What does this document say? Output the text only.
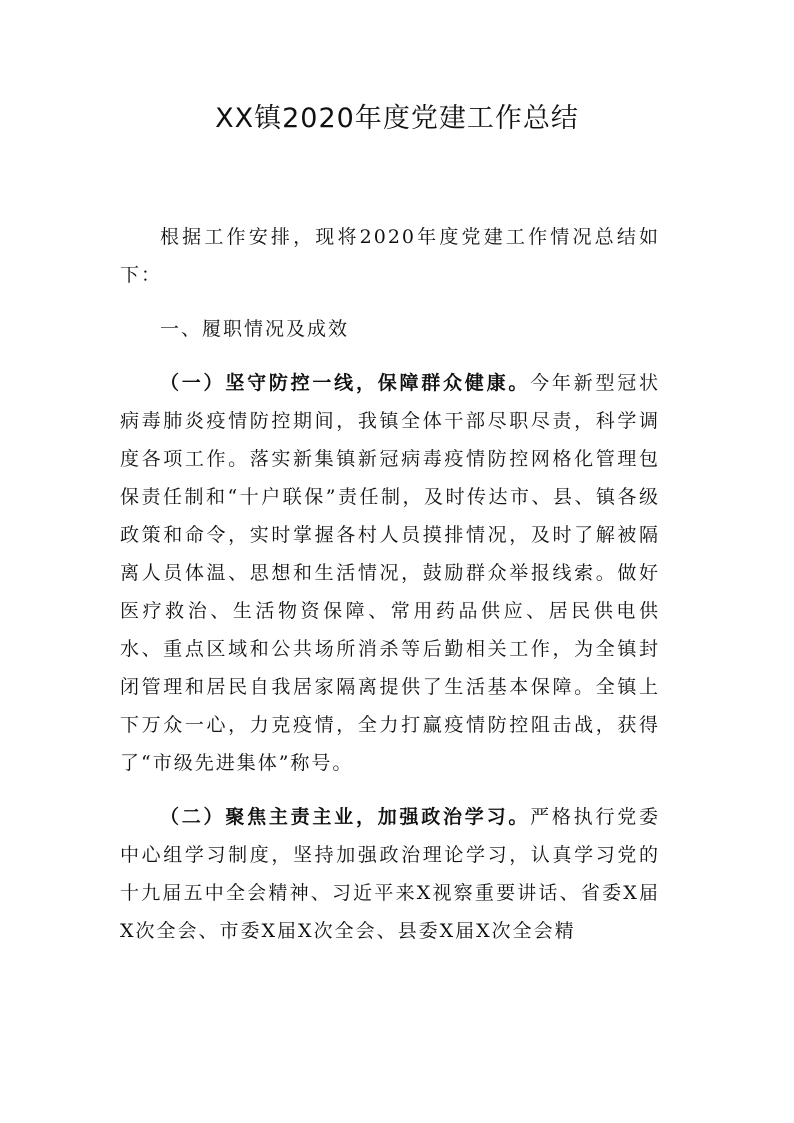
XX镇2020年度党建工作总结

根据工作安排，现将2020年度党建工作情况总结如下：

一、履职情况及成效

（一）坚守防控一线，保障群众健康。今年新型冠状病毒肺炎疫情防控期间，我镇全体干部尽职尽责，科学调度各项工作。落实新集镇新冠病毒疫情防控网格化管理包保责任制和“十户联保”责任制，及时传达市、县、镇各级政策和命令，实时掌握各村人员摸排情况，及时了解被隔离人员体温、思想和生活情况，鼓励群众举报线索。做好医疗救治、生活物资保障、常用药品供应、居民供电供水、重点区域和公共场所消杀等后勤相关工作，为全镇封闭管理和居民自我居家隔离提供了生活基本保障。全镇上下万众一心，力克疫情，全力打赢疫情防控阻击战，获得了“市级先进集体”称号。

（二）聚焦主责主业，加强政治学习。严格执行党委中心组学习制度，坚持加强政治理论学习，认真学习党的十九届五中全会精神、习近平来X视察重要讲话、省委X届X次全会、市委X届X次全会、县委X届X次全会精
